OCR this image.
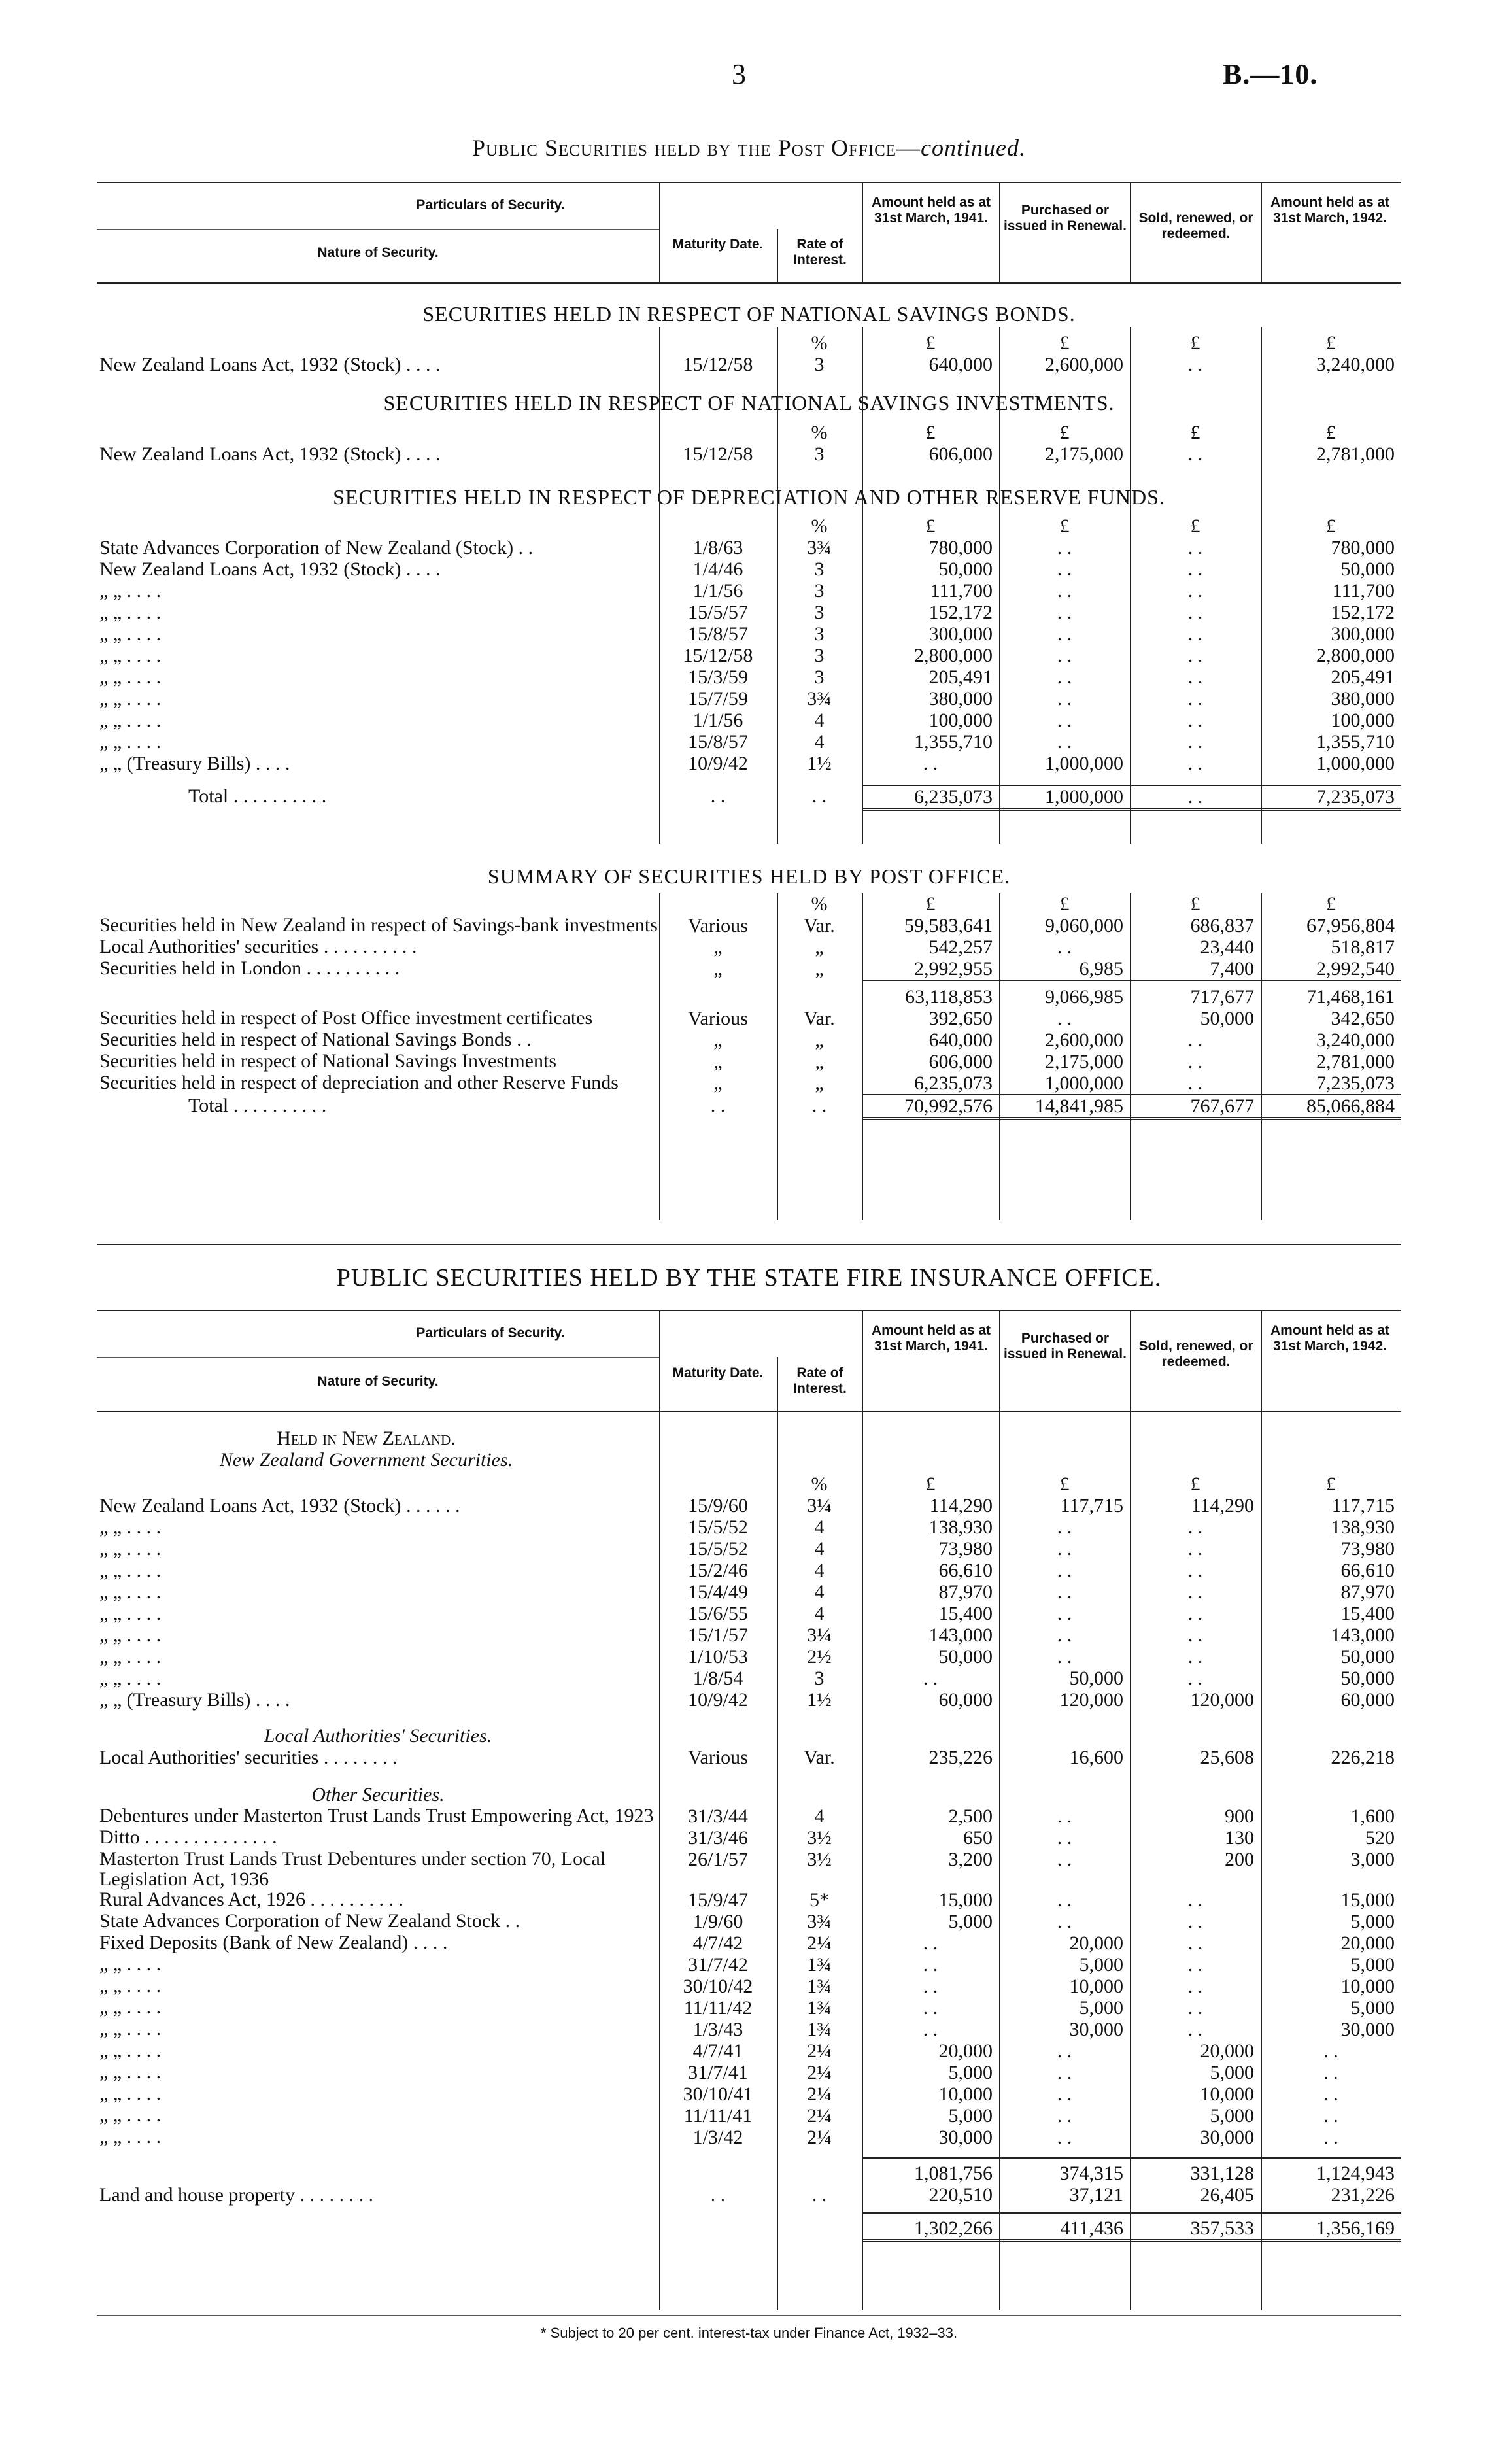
3	B.—10.
Public Securities held by the Post Office—continued.
Particulars of Security.
Nature of Security.
Maturity Date.	Rate of Interest.
Amount held as at 31st March, 1941.
Purchased or issued in Renewal.
Sold, renewed, or redeemed.
Amount held as at 31st March, 1942.
SECURITIES HELD IN RESPECT OF NATIONAL SAVINGS BONDS.
		%	£	£	£	£
New Zealand Loans Act, 1932 (Stock) . . . .	15/12/58	3	640,000	2,600,000	. .	3,240,000
SECURITIES HELD IN RESPECT OF NATIONAL SAVINGS INVESTMENTS.
		%	£	£	£	£
New Zealand Loans Act, 1932 (Stock) . . . .	15/12/58	3	606,000	2,175,000	. .	2,781,000
SECURITIES HELD IN RESPECT OF DEPRECIATION AND OTHER RESERVE FUNDS.
		%	£	£	£	£
State Advances Corporation of New Zealand (Stock) . .	1/8/63	3¾	780,000	. .	. .	780,000
New Zealand Loans Act, 1932 (Stock) . . . .	1/4/46	3	50,000	. .	. .	50,000
„ „ . . . .	1/1/56	3	111,700	. .	. .	111,700
„ „ . . . .	15/5/57	3	152,172	. .	. .	152,172
„ „ . . . .	15/8/57	3	300,000	. .	. .	300,000
„ „ . . . .	15/12/58	3	2,800,000	. .	. .	2,800,000
„ „ . . . .	15/3/59	3	205,491	. .	. .	205,491
„ „ . . . .	15/7/59	3¾	380,000	. .	. .	380,000
„ „ . . . .	1/1/56	4	100,000	. .	. .	100,000
„ „ . . . .	15/8/57	4	1,355,710	. .	. .	1,355,710
„ „ (Treasury Bills) . . . .	10/9/42	1½	. .	1,000,000	. .	1,000,000

Total . . . . . . . . . .	. .	. .	6,235,073	1,000,000	. .	7,235,073
SUMMARY OF SECURITIES HELD BY POST OFFICE.
		%	£	£	£	£
Securities held in New Zealand in respect of Savings-bank investments	Various	Var.	59,583,641	9,060,000	686,837	67,956,804
Local Authorities' securities . . . . . . . . . .	„	„	542,257	. .	23,440	518,817
Securities held in London . . . . . . . . . .	„	„	2,992,955	6,985	7,400	2,992,540
			63,118,853	9,066,985	717,677	71,468,161
Securities held in respect of Post Office investment certificates	Various	Var.	392,650	. .	50,000	342,650
Securities held in respect of National Savings Bonds . .	„	„	640,000	2,600,000	. .	3,240,000
Securities held in respect of National Savings Investments	„	„	606,000	2,175,000	. .	2,781,000
Securities held in respect of depreciation and other Reserve Funds	„	„	6,235,073	1,000,000	. .	7,235,073
Total . . . . . . . . . .	. .	. .	70,992,576	14,841,985	767,677	85,066,884
PUBLIC SECURITIES HELD BY THE STATE FIRE INSURANCE OFFICE.
Particulars of Security.
Nature of Security.
Maturity Date.	Rate of Interest.
Amount held as at 31st March, 1941.
Purchased or issued in Renewal.
Sold, renewed, or redeemed.
Amount held as at 31st March, 1942.
Held in New Zealand.
New Zealand Government Securities.

		%	£	£	£	£
New Zealand Loans Act, 1932 (Stock) . . . . . .	15/9/60	3¼	114,290	117,715	114,290	117,715
„ „ . . . .	15/5/52	4	138,930	. .	. .	138,930
„ „ . . . .	15/5/52	4	73,980	. .	. .	73,980
„ „ . . . .	15/2/46	4	66,610	. .	. .	66,610
„ „ . . . .	15/4/49	4	87,970	. .	. .	87,970
„ „ . . . .	15/6/55	4	15,400	. .	. .	15,400
„ „ . . . .	15/1/57	3¼	143,000	. .	. .	143,000
„ „ . . . .	1/10/53	2½	50,000	. .	. .	50,000
„ „ . . . .	1/8/54	3	. .	50,000	. .	50,000
„ „ (Treasury Bills) . . . .	10/9/42	1½	60,000	120,000	120,000	60,000

Local Authorities' Securities.						
Local Authorities' securities . . . . . . . .	Various	Var.	235,226	16,600	25,608	226,218

Other Securities.						
Debentures under Masterton Trust Lands Trust Empowering Act, 1923	31/3/44	4	2,500	. .	900	1,600
Ditto . . . . . . . . . . . . . .	31/3/46	3½	650	. .	130	520
Masterton Trust Lands Trust Debentures under section 70, Local Legislation Act, 1936	26/1/57	3½	3,200	. .	200	3,000
Rural Advances Act, 1926 . . . . . . . . . .	15/9/47	5*	15,000	. .	. .	15,000
State Advances Corporation of New Zealand Stock . .	1/9/60	3¾	5,000	. .	. .	5,000
Fixed Deposits (Bank of New Zealand) . . . .	4/7/42	2¼	. .	20,000	. .	20,000
„ „ . . . .	31/7/42	1¾	. .	5,000	. .	5,000
„ „ . . . .	30/10/42	1¾	. .	10,000	. .	10,000
„ „ . . . .	11/11/42	1¾	. .	5,000	. .	5,000
„ „ . . . .	1/3/43	1¾	. .	30,000	. .	30,000
„ „ . . . .	4/7/41	2¼	20,000	. .	20,000	. .
„ „ . . . .	31/7/41	2¼	5,000	. .	5,000	. .
„ „ . . . .	30/10/41	2¼	10,000	. .	10,000	. .
„ „ . . . .	11/11/41	2¼	5,000	. .	5,000	. .
„ „ . . . .	1/3/42	2¼	30,000	. .	30,000	. .

			1,081,756	374,315	331,128	1,124,943
Land and house property . . . . . . . .	. .	. .	220,510	37,121	26,405	231,226

			1,302,266	411,436	357,533	1,356,169
* Subject to 20 per cent. interest-tax under Finance Act, 1932–33.
